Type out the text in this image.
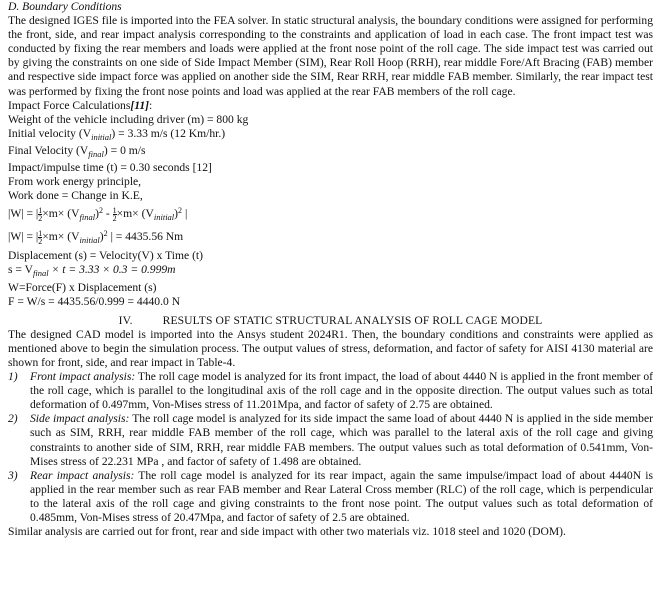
D. Boundary Conditions

The designed IGES file is imported into the FEA solver. In static structural analysis, the boundary conditions were assigned for performing the front, side, and rear impact analysis corresponding to the constraints and application of load in each case. The front impact test was conducted by fixing the rear members and loads were applied at the front nose point of the roll cage. The side impact test was carried out by giving the constraints on one side of Side Impact Member (SIM), Rear Roll Hoop (RRH), rear middle Fore/Aft Bracing (FAB) member and respective side impact force was applied on another side the SIM, Rear RRH, rear middle FAB member. Similarly, the rear impact test was performed by fixing the front nose points and load was applied at the rear FAB members of the roll cage.

Impact Force Calculations[11]:

Weight of the vehicle including driver (m) = 800 kg

Initial velocity $(V_{initial}) = 3.33$ m/s (12 Km/hr.)

Final Velocity $(V_{final}) = 0$ m/s

Impact/impulse time (t) = 0.30 seconds [12]

From work energy principle,

Work done = Change in K.E,

|W| = | $\frac{1}{2} \times m\times (V_{final})^2 - \frac{1}{2} \times m\times (V_{initial})^2$ |

|W| = | $\frac{1}{2} \times m\times (V_{initial})^2$ | = 4435.56 Nm

Displacement (s) = Velocity(V) x Time (t)

$s = V_{final} \times t = 3.33 \times 0.3 = 0.999m$

W=Force(F) x Displacement (s)

F = W/s = 4435.56/0.999 = 4440.0 N

IV.	RESULTS OF STATIC STRUCTURAL ANALYSIS OF ROLL CAGE MODEL

The designed CAD model is imported into the Ansys student 2024R1. Then, the boundary conditions and constraints were applied as mentioned above to begin the simulation process. The output values of stress, deformation, and factor of safety for AISI 4130 material are shown for front, side, and rear impact in Table-4.

1) Front impact analysis: The roll cage model is analyzed for its front impact, the load of about 4440 N is applied in the front member of the roll cage, which is parallel to the longitudinal axis of the roll cage and in the opposite direction. The output values such as total deformation of 0.497mm, Von-Mises stress of 11.201Mpa, and factor of safety of 2.75 are obtained.
2) Side impact analysis: The roll cage model is analyzed for its side impact the same load of about 4440 N is applied in the side member such as SIM, RRH, rear middle FAB member of the roll cage, which was parallel to the lateral axis of the roll cage and giving constraints to another side of SIM, RRH, rear middle FAB members. The output values such as total deformation of 0.541mm, Von-Mises stress of 22.231 MPa , and factor of safety of 1.498 are obtained.
3) Rear impact analysis: The roll cage model is analyzed for its rear impact, again the same impulse/impact load of about 4440N is applied in the rear member such as rear FAB member and Rear Lateral Cross member (RLC) of the roll cage, which is perpendicular to the lateral axis of the roll cage and giving constraints to the front nose point. The output values such as total deformation of 0.485mm, Von-Mises stress of 20.47Mpa, and factor of safety of 2.5 are obtained.

Similar analysis are carried out for front, rear and side impact with other two materials viz. 1018 steel and 1020 (DOM).
